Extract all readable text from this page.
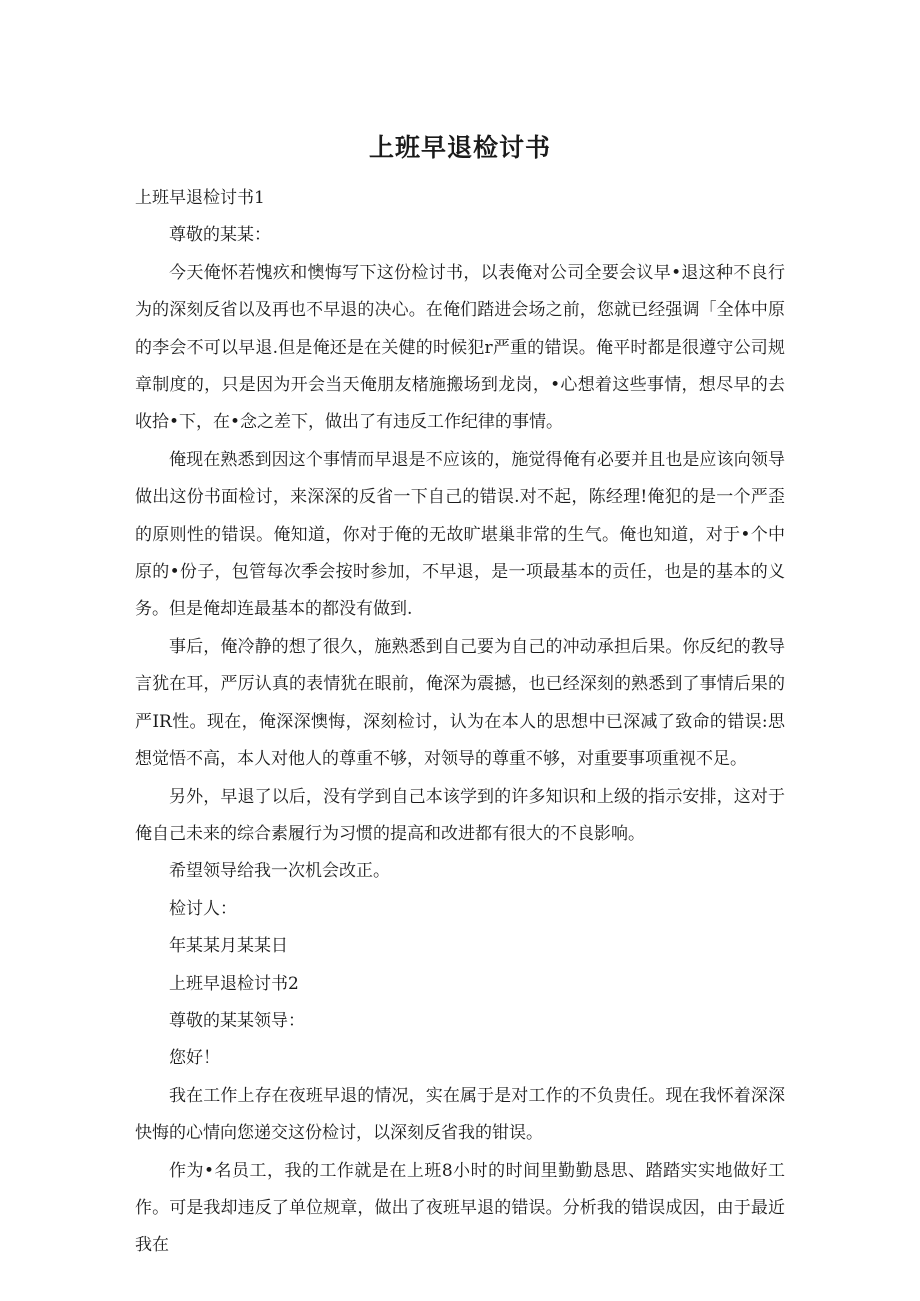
上班早退检讨书

上班早退检讨书1

尊敬的某某：

今天俺怀若愧疚和懊悔写下这份检讨书，以表俺对公司全要会议早•退这种不良行为的深刻反省以及再也不早退的决心。在俺们踏进会场之前，您就已经强调「全体中原的李会不可以早退.但是俺还是在关健的时候犯r严重的错误。俺平时都是很遵守公司规章制度的，只是因为开会当天俺朋友楮施搬场到龙岗，•心想着这些事情，想尽早的去收拾•下，在•念之差下，做出了有违反工作纪律的事情。

俺现在熟悉到因这个事情而早退是不应该的，施觉得俺有必要并且也是应该向领导做出这份书面检讨，来深深的反省一下自己的错误.对不起，陈经理!俺犯的是一个严歪的原则性的错误。俺知道，你对于俺的无故旷堪巢非常的生气。俺也知道，对于•个中原的•份子，包管每次季会按时参加，不早退，是一项最基本的贡任，也是的基本的义务。但是俺却连最基本的都没有做到.

事后，俺冷静的想了很久，施熟悉到自己要为自己的冲动承担后果。你反纪的教导言犹在耳，严厉认真的表情犹在眼前，俺深为震撼，也已经深刻的熟悉到了事情后果的严IR性。现在，俺深深懊悔，深刻检讨，认为在本人的思想中已深减了致命的错误:思想觉悟不高，本人对他人的尊重不够，对领导的尊重不够，对重要事项重视不足。

另外，早退了以后，没有学到自己本该学到的许多知识和上级的指示安排，这对于俺自己未来的综合素履行为习惯的提高和改进都有很大的不良影响。

希望领导给我一次机会改正。

检讨人：

年某某月某某日

上班早退检讨书2

尊敬的某某领导：

您好！

我在工作上存在夜班早退的情况，实在属于是对工作的不负贵任。现在我怀着深深快悔的心情向您递交这份检讨，以深刻反省我的钳误。

作为•名员工，我的工作就是在上班8小时的时间里勤勤恳思、踏踏实实地做好工作。可是我却违反了单位规章，做出了夜班早退的错误。分析我的错误成因，由于最近我在
